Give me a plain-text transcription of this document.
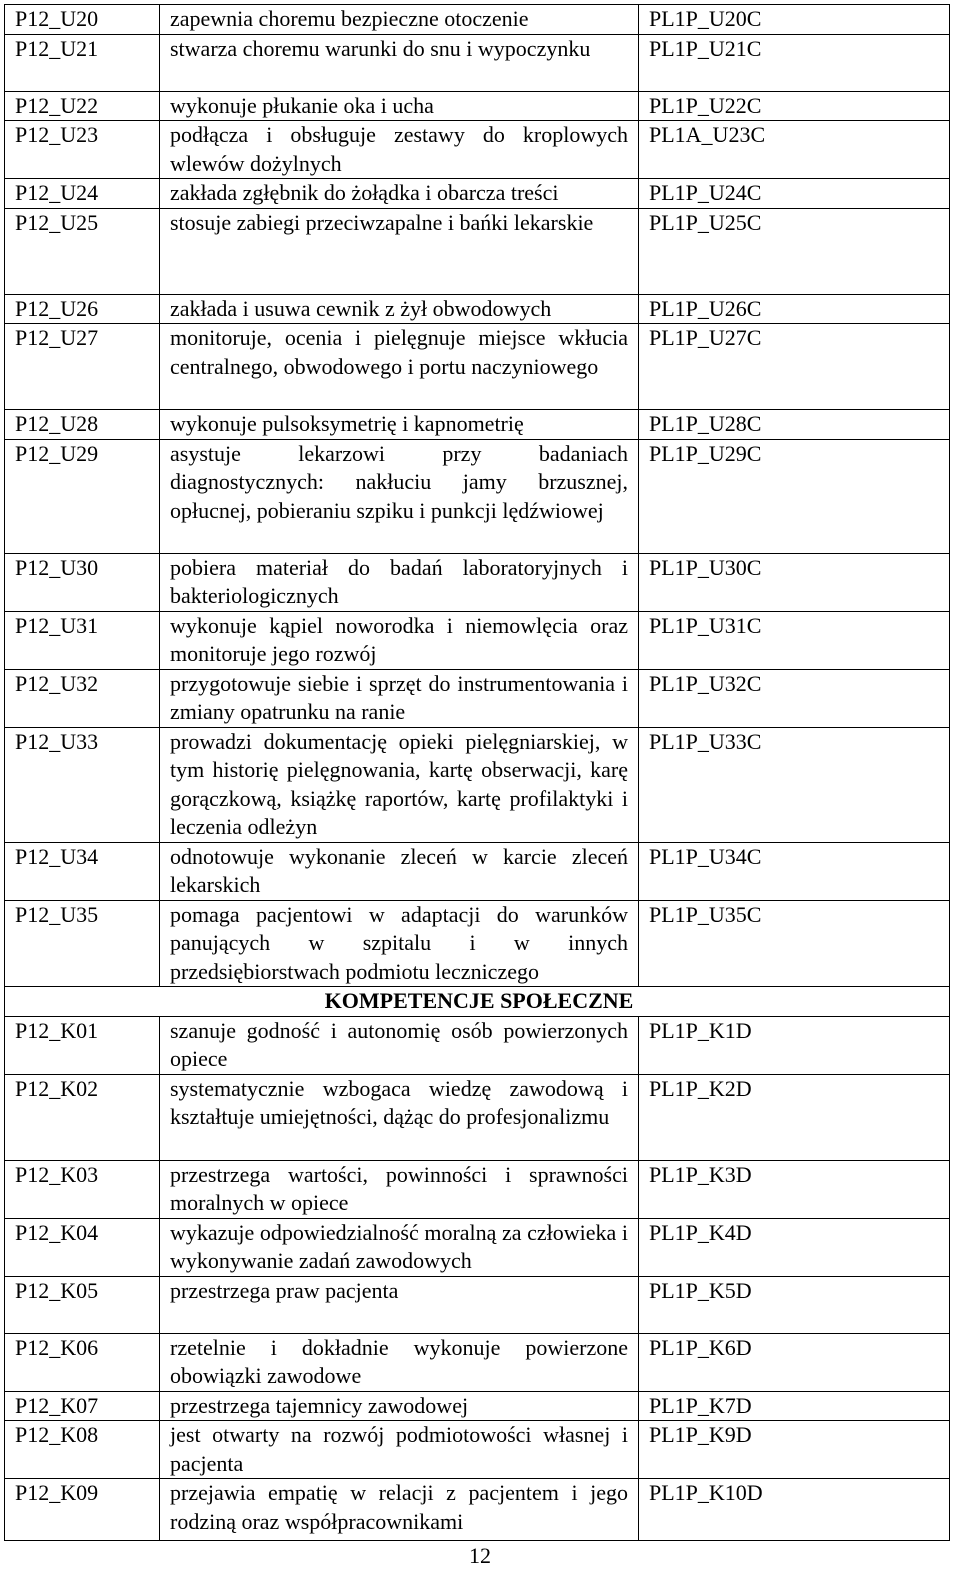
P12_U20	zapewnia choremu bezpieczne otoczenie	PL1P_U20C
P12_U21	stwarza choremu warunki do snu i wypoczynku	PL1P_U21C
P12_U22	wykonuje płukanie oka i ucha	PL1P_U22C
P12_U23	podłącza i obsługuje zestawy do kroplowych wlewów dożylnych	PL1A_U23C
P12_U24	zakłada zgłębnik do żołądka i obarcza treści	PL1P_U24C
P12_U25	stosuje zabiegi przeciwzapalne i bańki lekarskie	PL1P_U25C
P12_U26	zakłada i usuwa cewnik z żył obwodowych	PL1P_U26C
P12_U27	monitoruje, ocenia i pielęgnuje miejsce wkłucia centralnego, obwodowego i portu naczyniowego	PL1P_U27C
P12_U28	wykonuje pulsoksymetrię i kapnometrię	PL1P_U28C
P12_U29	asystuje lekarzowi przy badaniach diagnostycznych: nakłuciu jamy brzusznej, opłucnej, pobieraniu szpiku i punkcji lędźwiowej	PL1P_U29C
P12_U30	pobiera materiał do badań laboratoryjnych i bakteriologicznych	PL1P_U30C
P12_U31	wykonuje kąpiel noworodka i niemowlęcia oraz monitoruje jego rozwój	PL1P_U31C
P12_U32	przygotowuje siebie i sprzęt do instrumentowania i zmiany opatrunku na ranie	PL1P_U32C
P12_U33	prowadzi dokumentację opieki pielęgniarskiej, w tym historię pielęgnowania, kartę obserwacji, karę gorączkową, książkę raportów, kartę profilaktyki i leczenia odleżyn	PL1P_U33C
P12_U34	odnotowuje wykonanie zleceń w karcie zleceń lekarskich	PL1P_U34C
P12_U35	pomaga pacjentowi w adaptacji do warunków panujących w szpitalu i w innych przedsiębiorstwach podmiotu leczniczego	PL1P_U35C
KOMPETENCJE SPOŁECZNE		
P12_K01	szanuje godność i autonomię osób powierzonych opiece	PL1P_K1D
P12_K02	systematycznie wzbogaca wiedzę zawodową i kształtuje umiejętności, dążąc do profesjonalizmu	PL1P_K2D
P12_K03	przestrzega wartości, powinności i sprawności moralnych w opiece	PL1P_K3D
P12_K04	wykazuje odpowiedzialność moralną za człowieka i wykonywanie zadań zawodowych	PL1P_K4D
P12_K05	przestrzega praw pacjenta	PL1P_K5D
P12_K06	rzetelnie i dokładnie wykonuje powierzone obowiązki zawodowe	PL1P_K6D
P12_K07	przestrzega tajemnicy zawodowej	PL1P_K7D
P12_K08	jest otwarty na rozwój podmiotowości własnej i pacjenta	PL1P_K9D
P12_K09	przejawia empatię w relacji z pacjentem i jego rodziną oraz współpracownikami	PL1P_K10D
12
